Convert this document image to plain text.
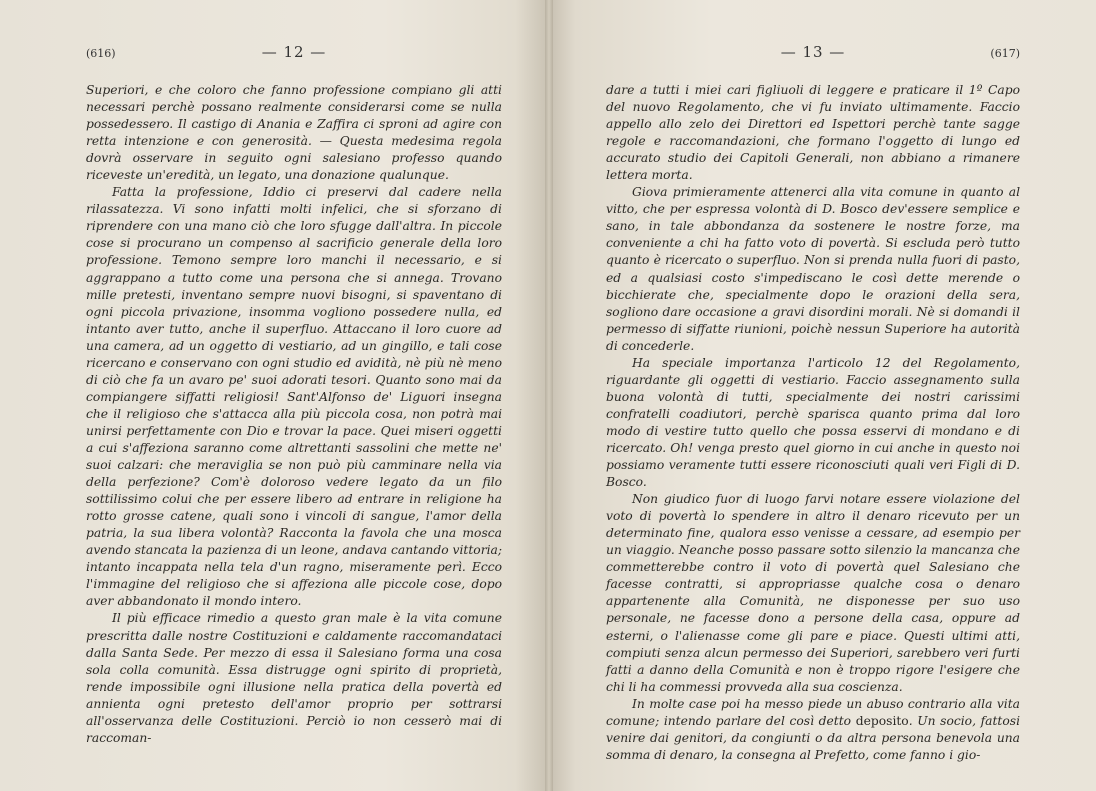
(616)	— 12 —

Superiori, e che coloro che fanno professione compiano gli atti necessari perchè possano realmente considerarsi come se nulla possedessero. Il castigo di Anania e Zaffira ci sproni ad agire con retta intenzione e con generosità. — Questa medesima regola dovrà osservare in seguito ogni salesiano professo quando riceveste un'eredità, un legato, una donazione qualunque.

Fatta la professione, Iddio ci preservi dal cadere nella rilassatezza. Vi sono infatti molti infelici, che si sforzano di riprendere con una mano ciò che loro sfugge dall'altra. In piccole cose si procurano un compenso al sacrificio generale della loro professione. Temono sempre loro manchi il necessario, e si aggrappano a tutto come una persona che si annega. Trovano mille pretesti, inventano sempre nuovi bisogni, si spaventano di ogni piccola privazione, insomma vogliono possedere nulla, ed intanto aver tutto, anche il superfluo. Attaccano il loro cuore ad una camera, ad un oggetto di vestiario, ad un gingillo, e tali cose ricercano e conservano con ogni studio ed avidità, nè più nè meno di ciò che fa un avaro pe' suoi adorati tesori. Quanto sono mai da compiangere siffatti religiosi! Sant'Alfonso de' Liguori insegna che il religioso che s'attacca alla più piccola cosa, non potrà mai unirsi perfettamente con Dio e trovar la pace. Quei miseri oggetti a cui s'affeziona saranno come altrettanti sassolini che mette ne' suoi calzari: che meraviglia se non può più camminare nella via della perfezione? Com'è doloroso vedere legato da un filo sottilissimo colui che per essere libero ad entrare in religione ha rotto grosse catene, quali sono i vincoli di sangue, l'amor della patria, la sua libera volontà? Racconta la favola che una mosca avendo stancata la pazienza di un leone, andava cantando vittoria; intanto incappata nella tela d'un ragno, miseramente perì. Ecco l'immagine del religioso che si affeziona alle piccole cose, dopo aver abbandonato il mondo intero.

Il più efficace rimedio a questo gran male è la vita comune prescritta dalle nostre Costituzioni e caldamente raccomandataci dalla Santa Sede. Per mezzo di essa il Salesiano forma una cosa sola colla comunità. Essa distrugge ogni spirito di proprietà, rende impossibile ogni illusione nella pratica della povertà ed annienta ogni pretesto dell'amor proprio per sottrarsi all'osservanza delle Costituzioni. Perciò io non cesserò mai di raccoman-

— 13 —	(617)

dare a tutti i miei cari figliuoli di leggere e praticare il 1º Capo del nuovo Regolamento, che vi fu inviato ultimamente. Faccio appello allo zelo dei Direttori ed Ispettori perchè tante sagge regole e raccomandazioni, che formano l'oggetto di lungo ed accurato studio dei Capitoli Generali, non abbiano a rimanere lettera morta.

Giova primieramente attenerci alla vita comune in quanto al vitto, che per espressa volontà di D. Bosco dev'essere semplice e sano, in tale abbondanza da sostenere le nostre forze, ma conveniente a chi ha fatto voto di povertà. Si escluda però tutto quanto è ricercato o superfluo. Non si prenda nulla fuori di pasto, ed a qualsiasi costo s'impediscano le così dette merende o bicchierate che, specialmente dopo le orazioni della sera, sogliono dare occasione a gravi disordini morali. Nè si domandi il permesso di siffatte riunioni, poichè nessun Superiore ha autorità di concederle.

Ha speciale importanza l'articolo 12 del Regolamento, riguardante gli oggetti di vestiario. Faccio assegnamento sulla buona volontà di tutti, specialmente dei nostri carissimi confratelli coadiutori, perchè sparisca quanto prima dal loro modo di vestire tutto quello che possa esservi di mondano e di ricercato. Oh! venga presto quel giorno in cui anche in questo noi possiamo veramente tutti essere riconosciuti quali veri Figli di D. Bosco.

Non giudico fuor di luogo farvi notare essere violazione del voto di povertà lo spendere in altro il denaro ricevuto per un determinato fine, qualora esso venisse a cessare, ad esempio per un viaggio. Neanche posso passare sotto silenzio la mancanza che commetterebbe contro il voto di povertà quel Salesiano che facesse contratti, si appropriasse qualche cosa o denaro appartenente alla Comunità, ne disponesse per suo uso personale, ne facesse dono a persone della casa, oppure ad esterni, o l'alienasse come gli pare e piace. Questi ultimi atti, compiuti senza alcun permesso dei Superiori, sarebbero veri furti fatti a danno della Comunità e non è troppo rigore l'esigere che chi li ha commessi provveda alla sua coscienza.

In molte case poi ha messo piede un abuso contrario alla vita comune; intendo parlare del così detto deposito. Un socio, fattosi venire dai genitori, da congiunti o da altra persona benevola una somma di denaro, la consegna al Prefetto, come fanno i gio-
